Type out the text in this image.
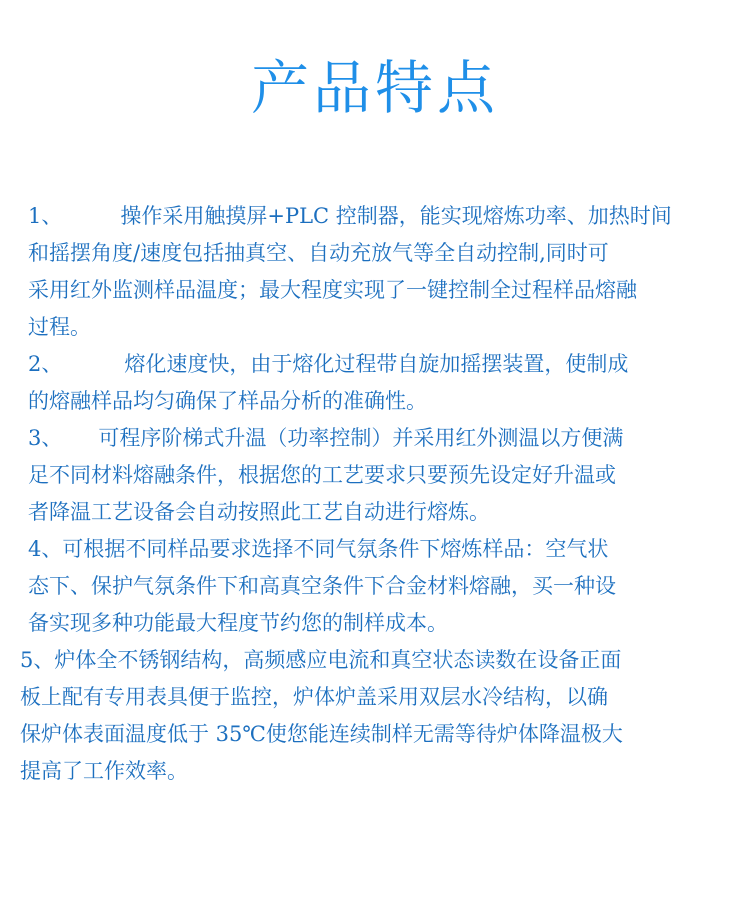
产品特点
1、	操作采用触摸屏+PLC 控制器，能实现熔炼功率、加热时间
和摇摆角度/速度包括抽真空、自动充放气等全自动控制,同时可
采用红外监测样品温度；最大程度实现了一键控制全过程样品熔融
过程。
2、	熔化速度快，由于熔化过程带自旋加摇摆装置，使制成
的熔融样品均匀确保了样品分析的准确性。
3、 可程序阶梯式升温（功率控制）并采用红外测温以方便满
足不同材料熔融条件，根据您的工艺要求只要预先设定好升温或
者降温工艺设备会自动按照此工艺自动进行熔炼。
4、可根据不同样品要求选择不同气氛条件下熔炼样品：空气状
态下、保护气氛条件下和高真空条件下合金材料熔融，买一种设
备实现多种功能最大程度节约您的制样成本。
5、炉体全不锈钢结构，高频感应电流和真空状态读数在设备正面
板上配有专用表具便于监控，炉体炉盖采用双层水冷结构，以确
保炉体表面温度低于 35℃使您能连续制样无需等待炉体降温极大
提高了工作效率。
